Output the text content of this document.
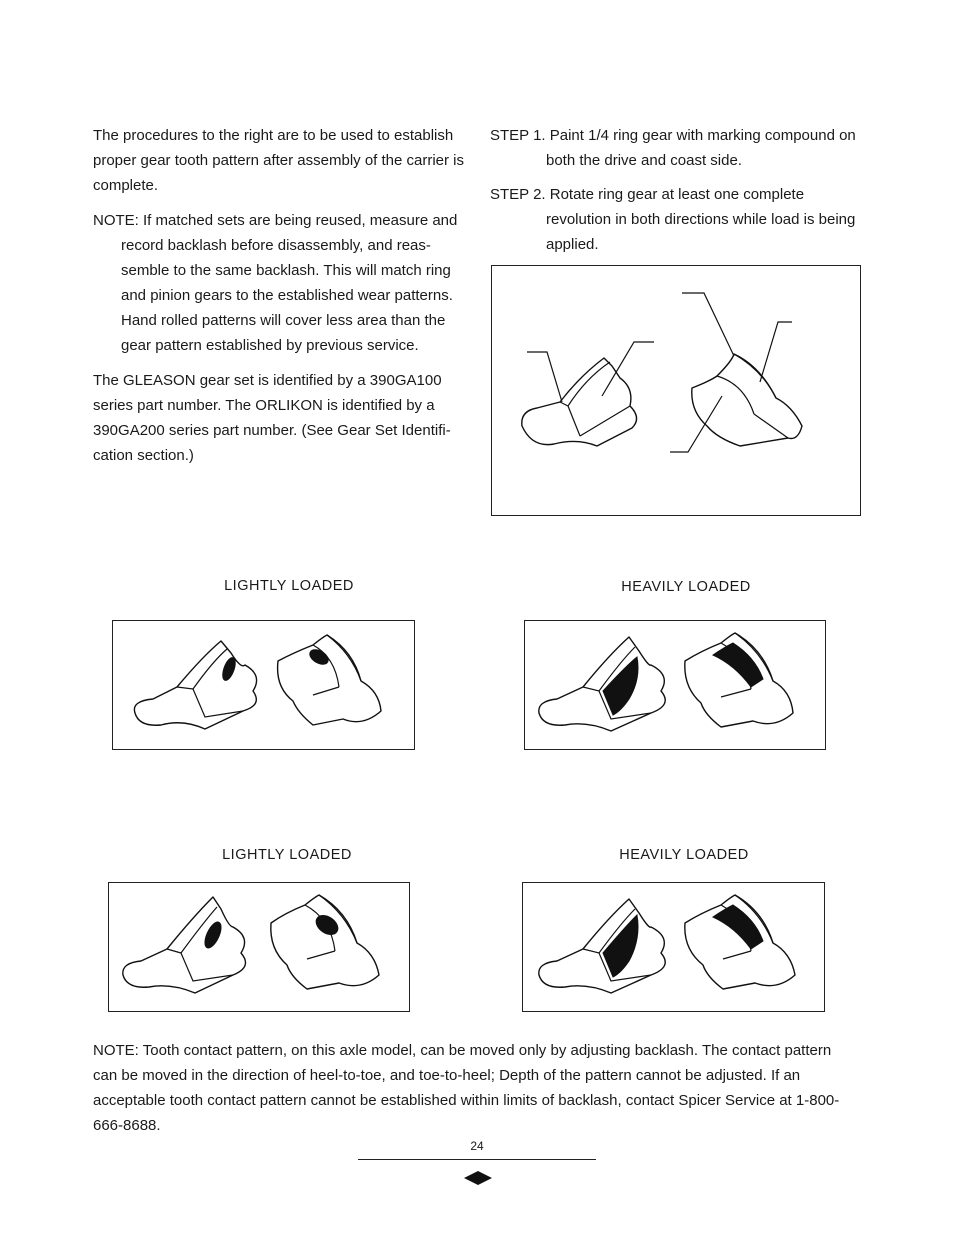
The procedures to the right are to be used to establish proper gear tooth pattern after assembly of the carrier is complete.

NOTE: If matched sets are being reused, measure and record backlash before disassembly, and reas-semble to the same backlash. This will match ring and pinion gears to the established wear patterns. Hand rolled patterns will cover less area than the gear pattern established by previous service.

The GLEASON gear set is identified by a 390GA100 series part number. The ORLIKON is identified by a 390GA200 series part number. (See Gear Set Identifi-cation section.)

STEP 1. Paint 1/4 ring gear with marking compound on both the drive and coast side.

STEP 2. Rotate ring gear at least one complete revolution in both directions while load is being applied.

LIGHTLY LOADED	HEAVILY LOADED
LIGHTLY LOADED	HEAVILY LOADED

NOTE: Tooth contact pattern, on this axle model, can be moved only by adjusting backlash. The contact pattern can be moved in the direction of heel-to-toe, and toe-to-heel; Depth of the pattern cannot be adjusted. If an acceptable tooth contact pattern cannot be established within limits of backlash, contact Spicer Service at 1-800-666-8688.

24
